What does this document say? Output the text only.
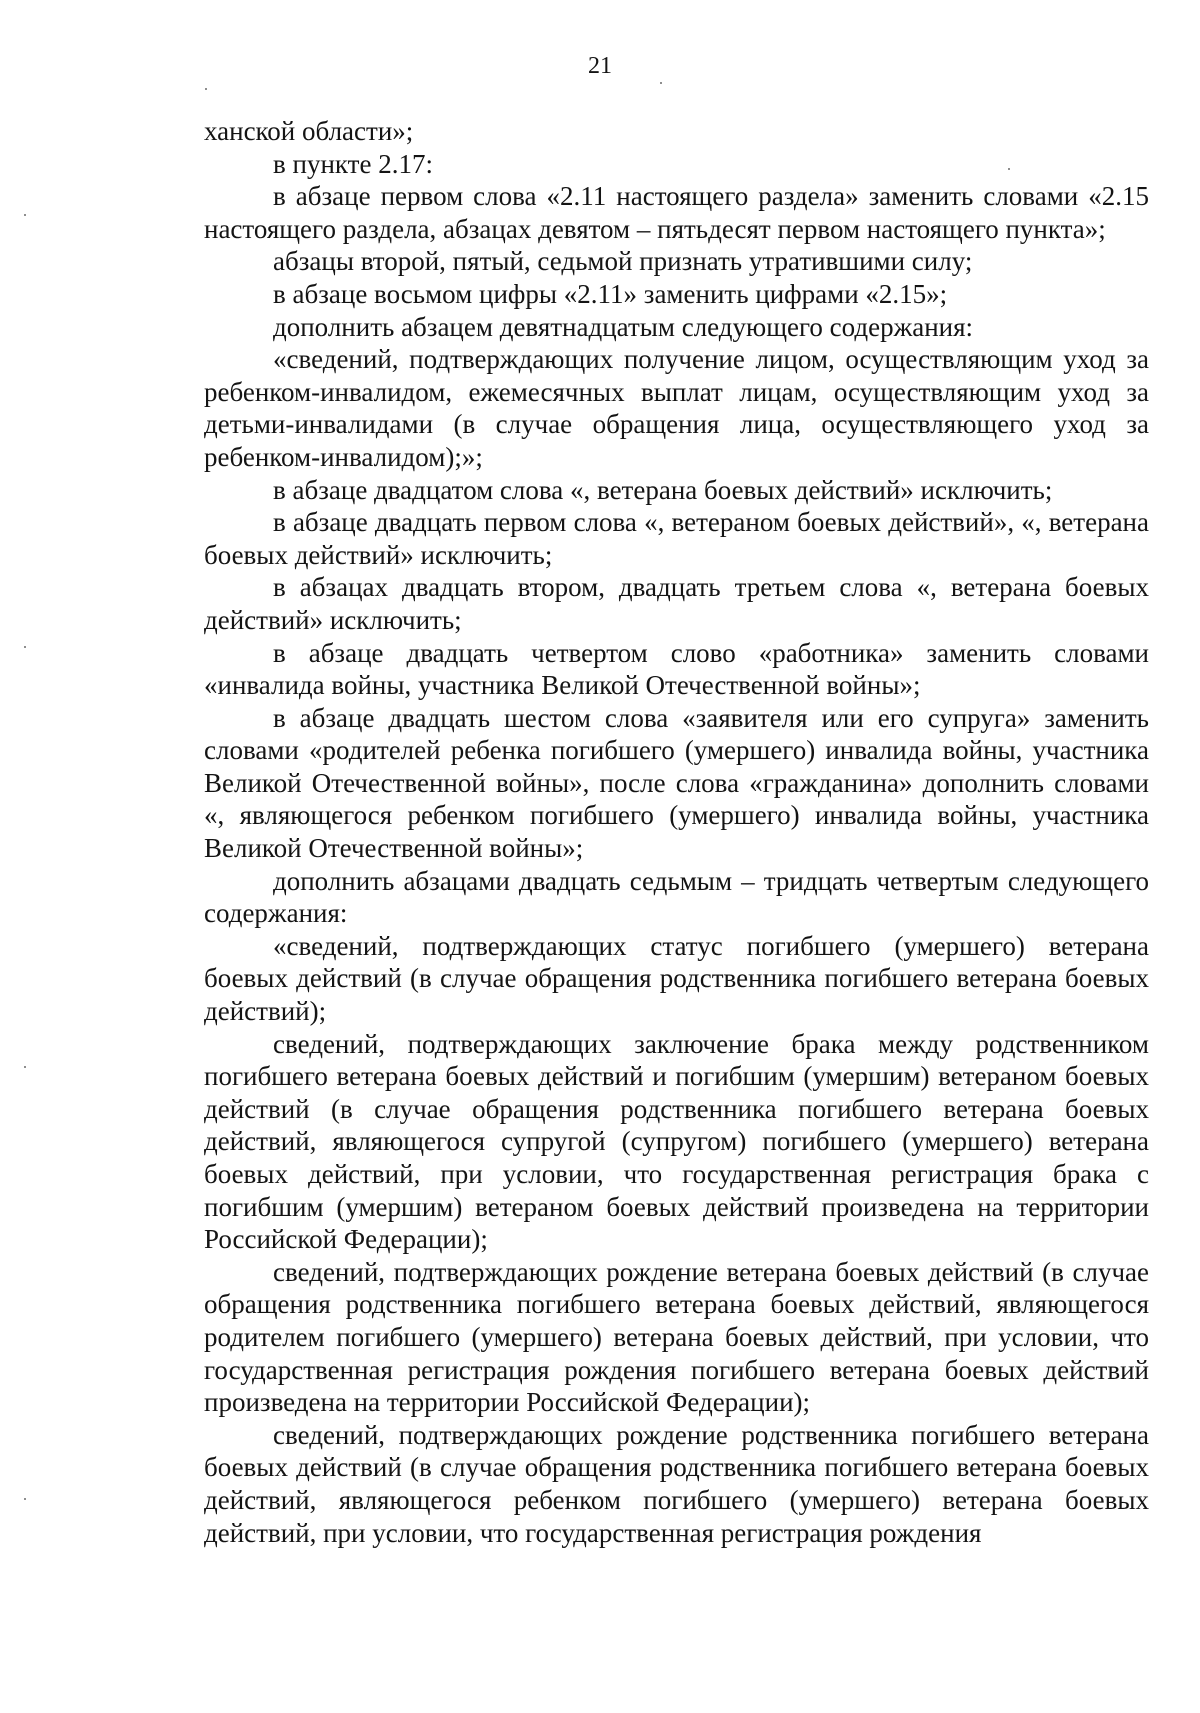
21

ханской области»;

в пункте 2.17:

в абзаце первом слова «2.11 настоящего раздела» заменить словами «2.15 настоящего раздела, абзацах девятом – пятьдесят первом настоящего пункта»;

абзацы второй, пятый, седьмой признать утратившими силу;

в абзаце восьмом цифры «2.11» заменить цифрами «2.15»;

дополнить абзацем девятнадцатым следующего содержания:

«сведений, подтверждающих получение лицом, осуществляющим уход за ребенком-инвалидом, ежемесячных выплат лицам, осуществляющим уход за детьми-инвалидами (в случае обращения лица, осуществляющего уход за ребенком-инвалидом);»;

в абзаце двадцатом слова «, ветерана боевых действий» исключить;

в абзаце двадцать первом слова «, ветераном боевых действий», «, ветерана боевых действий» исключить;

в абзацах двадцать втором, двадцать третьем слова «, ветерана боевых действий» исключить;

в абзаце двадцать четвертом слово «работника» заменить словами «инвалида войны, участника Великой Отечественной войны»;

в абзаце двадцать шестом слова «заявителя или его супруга» заменить словами «родителей ребенка погибшего (умершего) инвалида войны, участника Великой Отечественной войны», после слова «гражданина» дополнить словами «, являющегося ребенком погибшего (умершего) инвалида войны, участника Великой Отечественной войны»;

дополнить абзацами двадцать седьмым – тридцать четвертым следующего содержания:

«сведений, подтверждающих статус погибшего (умершего) ветерана боевых действий (в случае обращения родственника погибшего ветерана боевых действий);

сведений, подтверждающих заключение брака между родственником погибшего ветерана боевых действий и погибшим (умершим) ветераном боевых действий (в случае обращения родственника погибшего ветерана боевых действий, являющегося супругой (супругом) погибшего (умершего) ветерана боевых действий, при условии, что государственная регистрация брака с погибшим (умершим) ветераном боевых действий произведена на территории Российской Федерации);

сведений, подтверждающих рождение ветерана боевых действий (в случае обращения родственника погибшего ветерана боевых действий, являющегося родителем погибшего (умершего) ветерана боевых действий, при условии, что государственная регистрация рождения погибшего ветерана боевых действий произведена на территории Российской Федерации);

сведений, подтверждающих рождение родственника погибшего ветерана боевых действий (в случае обращения родственника погибшего ветерана боевых действий, являющегося ребенком погибшего (умершего) ветерана боевых действий, при условии, что государственная регистрация рождения
